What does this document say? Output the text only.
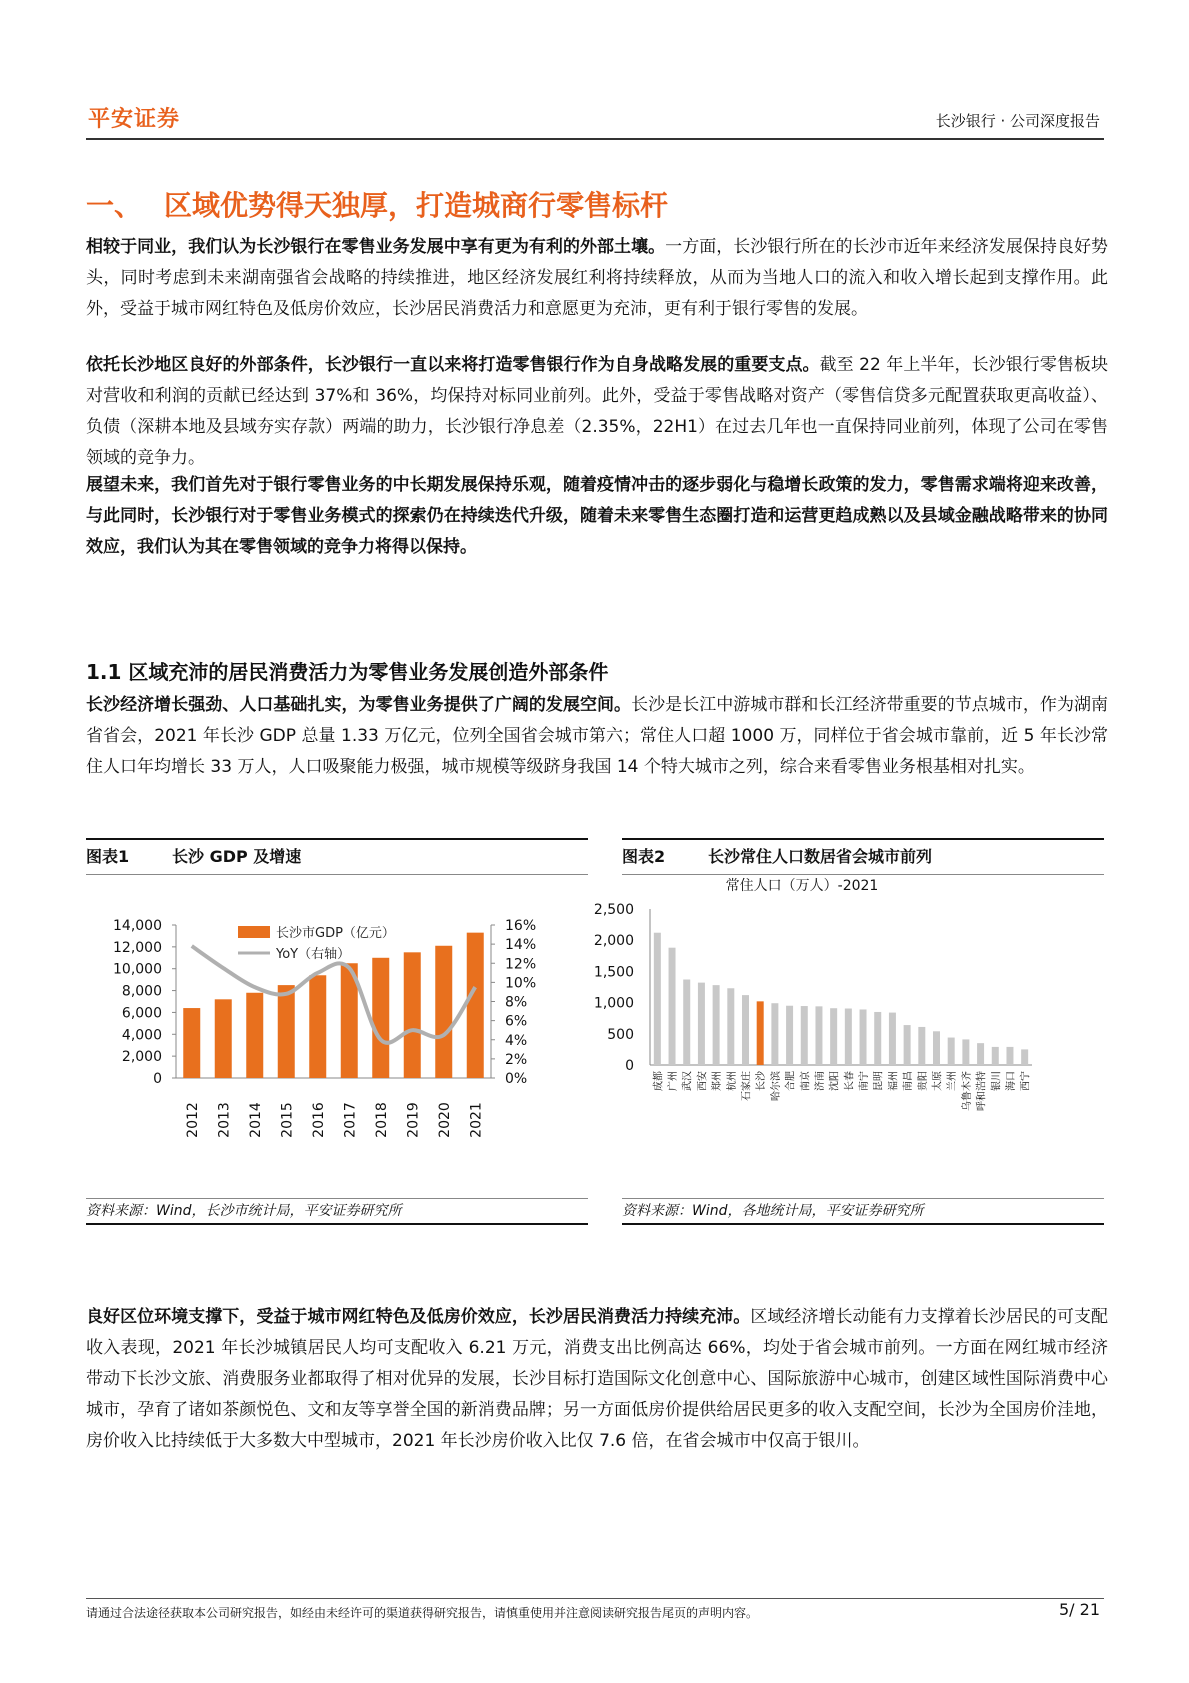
平安证券	长沙银行 · 公司深度报告
一、 区域优势得天独厚，打造城商行零售标杆
相较于同业，我们认为长沙银行在零售业务发展中享有更为有利的外部土壤。一方面，长沙银行所在的长沙市近年来经济发展保持良好势头，同时考虑到未来湖南强省会战略的持续推进，地区经济发展红利将持续释放，从而为当地人口的流入和收入增长起到支撑作用。此外，受益于城市网红特色及低房价效应，长沙居民消费活力和意愿更为充沛，更有利于银行零售的发展。
依托长沙地区良好的外部条件，长沙银行一直以来将打造零售银行作为自身战略发展的重要支点。截至 22 年上半年，长沙银行零售板块对营收和利润的贡献已经达到 37%和 36%，均保持对标同业前列。此外，受益于零售战略对资产（零售信贷多元配置获取更高收益）、负债（深耕本地及县域夯实存款）两端的助力，长沙银行净息差（2.35%，22H1）在过去几年也一直保持同业前列，体现了公司在零售领域的竞争力。
展望未来，我们首先对于银行零售业务的中长期发展保持乐观，随着疫情冲击的逐步弱化与稳增长政策的发力，零售需求端将迎来改善，与此同时，长沙银行对于零售业务模式的探索仍在持续迭代升级，随着未来零售生态圈打造和运营更趋成熟以及县域金融战略带来的协同效应，我们认为其在零售领域的竞争力将得以保持。
1.1 区域充沛的居民消费活力为零售业务发展创造外部条件
长沙经济增长强劲、人口基础扎实，为零售业务提供了广阔的发展空间。长沙是长江中游城市群和长江经济带重要的节点城市，作为湖南省省会，2021 年长沙 GDP 总量 1.33 万亿元，位列全国省会城市第六；常住人口超 1000 万，同样位于省会城市靠前，近 5 年长沙常住人口年均增长 33 万人，人口吸聚能力极强，城市规模等级跻身我国 14 个特大城市之列，综合来看零售业务根基相对扎实。
图表1	长沙 GDP 及增速	图表2	长沙常住人口数居省会城市前列
长沙市GDP（亿元）
YoY（右轴）
14,000
12,000
10,000
8,000
6,000
4,000
2,000
0
16%
14%
12%
10%
8%
6%
4%
2%
0%
2012 2013 2014 2015 2016 2017 2018 2019 2020 2021
常住人口（万人）-2021
2,500
2,000
1,500
1,000
500
0
成都 广州 武汉 西安 郑州 杭州 石家庄 长沙 哈尔滨 合肥 南京 济南 沈阳 长春 南宁 昆明 福州 南昌 贵阳 太原 兰州 乌鲁木齐 呼和浩特 银川 海口 西宁
资料来源：Wind，长沙市统计局，平安证券研究所	资料来源：Wind，各地统计局，平安证券研究所
良好区位环境支撑下，受益于城市网红特色及低房价效应，长沙居民消费活力持续充沛。区域经济增长动能有力支撑着长沙居民的可支配收入表现，2021 年长沙城镇居民人均可支配收入 6.21 万元，消费支出比例高达 66%，均处于省会城市前列。一方面在网红城市经济带动下长沙文旅、消费服务业都取得了相对优异的发展，长沙目标打造国际文化创意中心、国际旅游中心城市，创建区域性国际消费中心城市，孕育了诸如茶颜悦色、文和友等享誉全国的新消费品牌；另一方面低房价提供给居民更多的收入支配空间，长沙为全国房价洼地，房价收入比持续低于大多数大中型城市，2021 年长沙房价收入比仅 7.6 倍，在省会城市中仅高于银川。
请通过合法途径获取本公司研究报告，如经由未经许可的渠道获得研究报告，请慎重使用并注意阅读研究报告尾页的声明内容。	5/ 21
